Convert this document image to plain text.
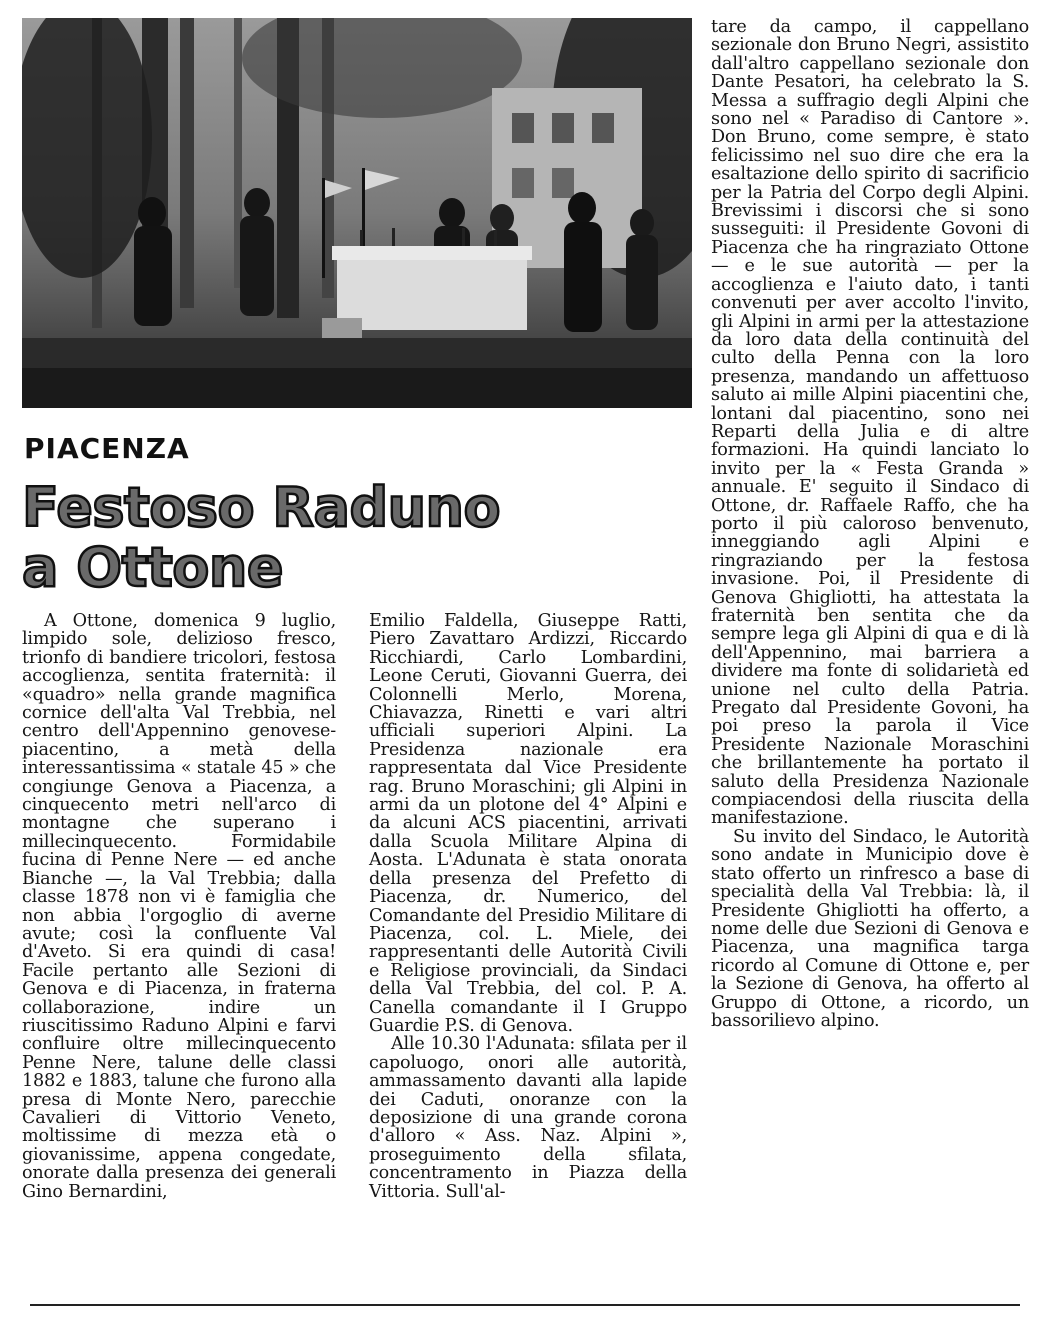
PIACENZA
Festoso Raduno
a Ottone

A Ottone, domenica 9 luglio, limpido sole, delizioso fresco, trionfo di bandiere tricolori, festosa accoglienza, sentita fraternità: il «quadro» nella grande magnifica cornice dell'alta Val Trebbia, nel centro dell'Appennino genovese-piacentino, a metà della interessantissima « statale 45 » che congiunge Genova a Piacenza, a cinquecento metri nell'arco di montagne che superano i millecinquecento. Formidabile fucina di Penne Nere — ed anche Bianche —, la Val Trebbia; dalla classe 1878 non vi è famiglia che non abbia l'orgoglio di averne avute; così la confluente Val d'Aveto. Si era quindi di casa! Facile pertanto alle Sezioni di Genova e di Piacenza, in fraterna collaborazione, indire un riuscitissimo Raduno Alpini e farvi confluire oltre millecinquecento Penne Nere, talune delle classi 1882 e 1883, talune che furono alla presa di Monte Nero, parecchie Cavalieri di Vittorio Veneto, moltissime di mezza età o giovanissime, appena congedate, onorate dalla presenza dei generali Gino Bernardini,

Emilio Faldella, Giuseppe Ratti, Piero Zavattaro Ardizzi, Riccardo Ricchiardi, Carlo Lombardini, Leone Ceruti, Giovanni Guerra, dei Colonnelli Merlo, Morena, Chiavazza, Rinetti e vari altri ufficiali superiori Alpini. La Presidenza nazionale era rappresentata dal Vice Presidente rag. Bruno Moraschini; gli Alpini in armi da un plotone del 4° Alpini e da alcuni ACS piacentini, arrivati dalla Scuola Militare Alpina di Aosta. L'Adunata è stata onorata della presenza del Prefetto di Piacenza, dr. Numerico, del Comandante del Presidio Militare di Piacenza, col. L. Miele, dei rappresentanti delle Autorità Civili e Religiose provinciali, da Sindaci della Val Trebbia, del col. P. A. Canella comandante il I Gruppo Guardie P.S. di Genova.

Alle 10.30 l'Adunata: sfilata per il capoluogo, onori alle autorità, ammassamento davanti alla lapide dei Caduti, onoranze con la deposizione di una grande corona d'alloro « Ass. Naz. Alpini », proseguimento della sfilata, concentramento in Piazza della Vittoria. Sull'al-

tare da campo, il cappellano sezionale don Bruno Negri, assistito dall'altro cappellano sezionale don Dante Pesatori, ha celebrato la S. Messa a suffragio degli Alpini che sono nel « Paradiso di Cantore ». Don Bruno, come sempre, è stato felicissimo nel suo dire che era la esaltazione dello spirito di sacrificio per la Patria del Corpo degli Alpini. Brevissimi i discorsi che si sono susseguiti: il Presidente Govoni di Piacenza che ha ringraziato Ottone — e le sue autorità — per la accoglienza e l'aiuto dato, i tanti convenuti per aver accolto l'invito, gli Alpini in armi per la attestazione da loro data della continuità del culto della Penna con la loro presenza, mandando un affettuoso saluto ai mille Alpini piacentini che, lontani dal piacentino, sono nei Reparti della Julia e di altre formazioni. Ha quindi lanciato lo invito per la « Festa Granda » annuale. E' seguito il Sindaco di Ottone, dr. Raffaele Raffo, che ha porto il più caloroso benvenuto, inneggiando agli Alpini e ringraziando per la festosa invasione. Poi, il Presidente di Genova Ghigliotti, ha attestata la fraternità ben sentita che da sempre lega gli Alpini di qua e di là dell'Appennino, mai barriera a dividere ma fonte di solidarietà ed unione nel culto della Patria. Pregato dal Presidente Govoni, ha poi preso la parola il Vice Presidente Nazionale Moraschini che brillantemente ha portato il saluto della Presidenza Nazionale compiacendosi della riuscita della manifestazione.

Su invito del Sindaco, le Autorità sono andate in Municipio dove è stato offerto un rinfresco a base di specialità della Val Trebbia: là, il Presidente Ghigliotti ha offerto, a nome delle due Sezioni di Genova e Piacenza, una magnifica targa ricordo al Comune di Ottone e, per la Sezione di Genova, ha offerto al Gruppo di Ottone, a ricordo, un bassorilievo alpino.
